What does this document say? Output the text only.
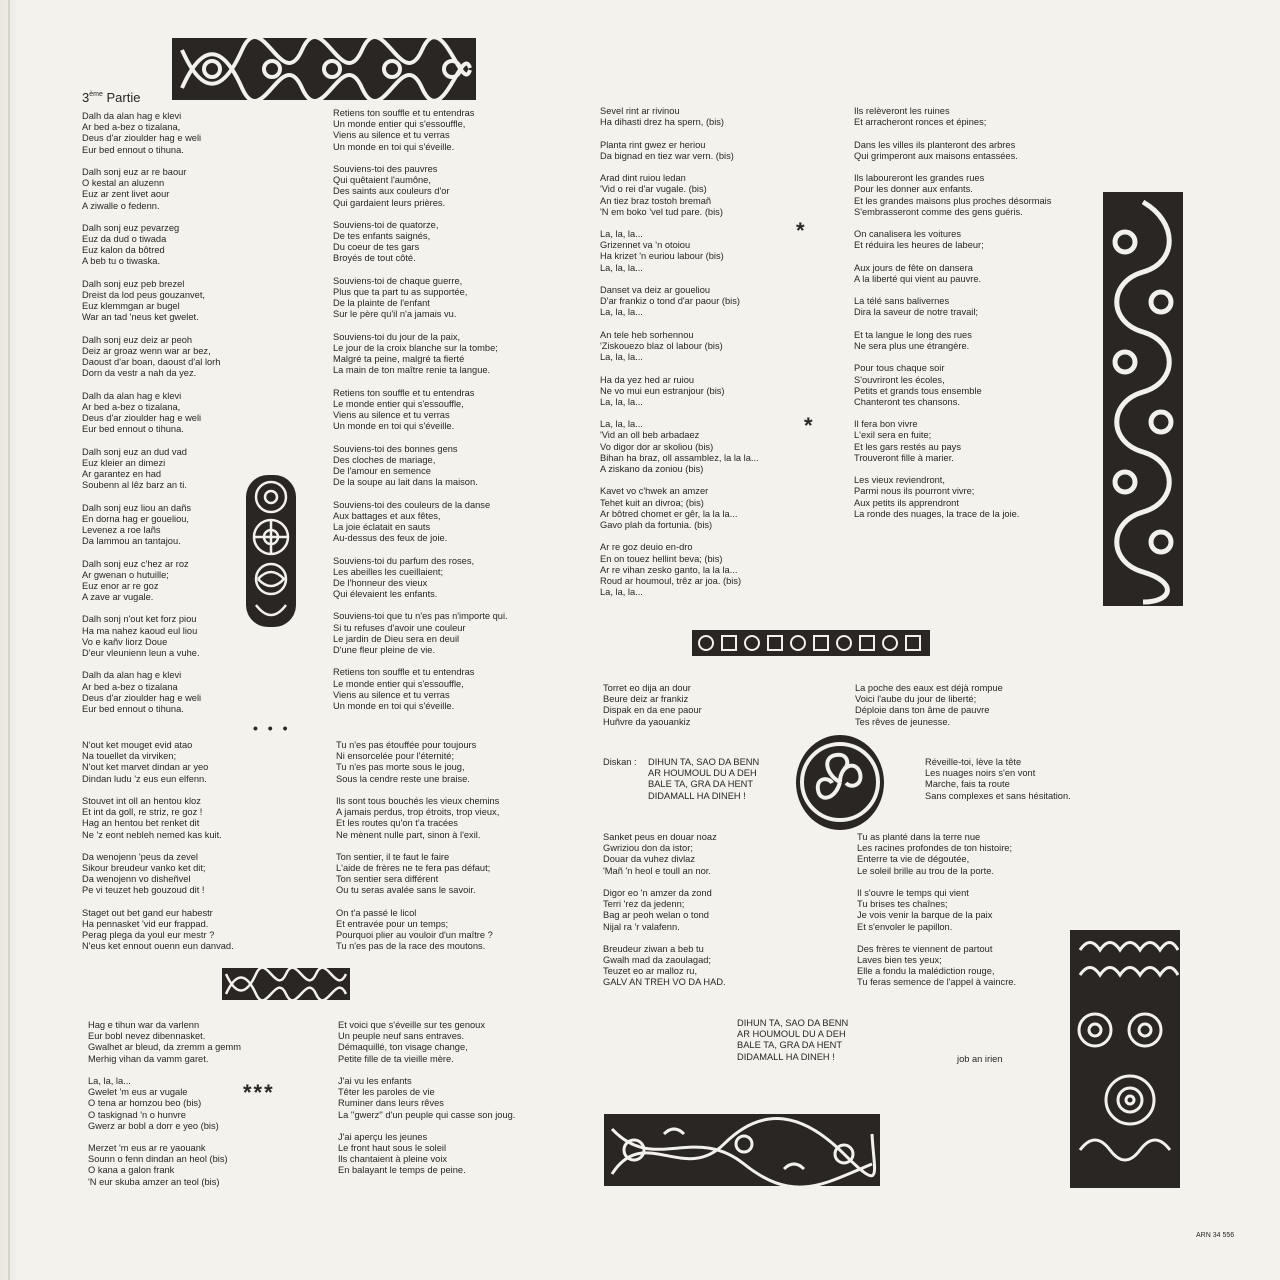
3ème Partie
Dalh da alan hag e klevi
Ar bed a-bez o tizalana,
Deus d'ar zioulder hag e weli
Eur bed ennout o tihuna.
Dalh sonj euz ar re baour
O kestal an aluzenn
Euz ar zent livet aour
A ziwalle o fedenn.
Dalh sonj euz pevarzeg
Euz da dud o tiwada
Euz kalon da bôtred
A beb tu o tiwaska.
Dalh sonj euz peb brezel
Dreist da lod peus gouzanvet,
Euz klemmgan ar bugel
War an tad 'neus ket gwelet.
Dalh sonj euz deiz ar peoh
Deiz ar groaz wenn war ar bez,
Daoust d'ar boan, daoust d'al lorh
Dorn da vestr a nah da yez.
Dalh da alan hag e klevi
Ar bed a-bez o tizalana,
Deus d'ar zioulder hag e weli
Eur bed ennout o tihuna.
Dalh sonj euz an dud vad
Euz kleier an dimezi
Ar garantez en had
Soubenn al lêz barz an ti.
Dalh sonj euz liou an dañs
En dorna hag er goueliou,
Levenez a roe lañs
Da lammou an tantajou.
Dalh sonj euz c'hez ar roz
Ar gwenan o hutuille;
Euz enor ar re goz
A zave ar vugale.
Dalh sonj n'out ket forz piou
Ha ma nahez kaoud eul liou
Vo e kañv liorz Doue
D'eur vleunienn leun a vuhe.
Dalh da alan hag e klevi
Ar bed a-bez o tizalana
Deus d'ar zioulder hag e weli
Eur bed ennout o tihuna.
• • •
N'out ket mouget evid atao
Na touellet da virviken;
N'out ket marvet dindan ar yeo
Dindan ludu 'z eus eun elfenn.
Stouvet int oll an hentou kloz
Et int da goll, re striz, re goz !
Hag an hentou bet renket dit
Ne 'z eont nebleh nemed kas kuit.
Da wenojenn 'peus da zevel
Sikour breudeur vanko ket dit;
Da wenojenn vo disheñvel
Pe vi teuzet heb gouzoud dit !
Staget out bet gand eur habestr
Ha pennasket 'vid eur frappad.
Perag plega da youl eur mestr ?
N'eus ket ennout ouenn eun danvad.
Hag e tihun war da varlenn
Eur bobl nevez dibennasket.
Gwalhet ar bleud, da zremm a gemm
Merhig vihan da vamm garet.
La, la, la...
Gwelet 'm eus ar vugale
O tena ar homzou beo (bis)
O taskignad 'n o hunvre
Gwerz ar bobl a dorr e yeo (bis)
Merzet 'm eus ar re yaouank
Sounn o fenn dindan an heol (bis)
O kana a galon frank
'N eur skuba amzer an teol (bis)
***
Retiens ton souffle et tu entendras
Un monde entier qui s'essouffle,
Viens au silence et tu verras
Un monde en toi qui s'éveille.
Souviens-toi des pauvres
Qui quêtaient l'aumône,
Des saints aux couleurs d'or
Qui gardaient leurs prières.
Souviens-toi de quatorze,
De tes enfants saignés,
Du coeur de tes gars
Broyés de tout côté.
Souviens-toi de chaque guerre,
Plus que ta part tu as supportée,
De la plainte de l'enfant
Sur le père qu'il n'a jamais vu.
Souviens-toi du jour de la paix,
Le jour de la croix blanche sur la tombe;
Malgré ta peine, malgré ta fierté
La main de ton maître renie ta langue.
Retiens ton souffle et tu entendras
Le monde entier qui s'essouffle,
Viens au silence et tu verras
Un monde en toi qui s'éveille.
Souviens-toi des bonnes gens
Des cloches de mariage,
De l'amour en semence
De la soupe au lait dans la maison.
Souviens-toi des couleurs de la danse
Aux battages et aux fêtes,
La joie éclatait en sauts
Au-dessus des feux de joie.
Souviens-toi du parfum des roses,
Les abeilles les cueillaient;
De l'honneur des vieux
Qui élevaient les enfants.
Souviens-toi que tu n'es pas n'importe qui.
Si tu refuses d'avoir une couleur
Le jardin de Dieu sera en deuil
D'une fleur pleine de vie.
Retiens ton souffle et tu entendras
Le monde entier qui s'essouffle,
Viens au silence et tu verras
Un monde en toi qui s'éveille.
Tu n'es pas étouffée pour toujours
Ni ensorcelée pour l'éternité;
Tu n'es pas morte sous le joug,
Sous la cendre reste une braise.
Ils sont tous bouchés les vieux chemins
A jamais perdus, trop étroits, trop vieux,
Et les routes qu'on t'a tracées
Ne mènent nulle part, sinon à l'exil.
Ton sentier, il te faut le faire
L'aide de frères ne te fera pas défaut;
Ton sentier sera différent
Ou tu seras avalée sans le savoir.
On t'a passé le licol
Et entravée pour un temps;
Pourquoi plier au vouloir d'un maître ?
Tu n'es pas de la race des moutons.
Et voici que s'éveille sur tes genoux
Un peuple neuf sans entraves.
Démaquillé, ton visage change,
Petite fille de ta vieille mère.
J'ai vu les enfants
Têter les paroles de vie
Ruminer dans leurs rêves
La ''gwerz'' d'un peuple qui casse son joug.
J'ai aperçu les jeunes
Le front haut sous le soleil
Ils chantaient à pleine voix
En balayant le temps de peine.
Sevel rint ar rivinou
Ha dihasti drez ha spern, (bis)
Planta rint gwez er heriou
Da bignad en tiez war vern. (bis)
Arad dint ruiou ledan
'Vid o rei d'ar vugale. (bis)
An tiez braz tostoh bremañ
'N em boko 'vel tud pare. (bis)
La, la, la...
Grizennet va 'n otoiou
Ha krizet 'n euriou labour (bis)
La, la, la...
Danset va deiz ar goueliou
D'ar frankiz o tond d'ar paour (bis)
La, la, la...
An tele heb sorhennou
'Ziskouezo blaz ol labour (bis)
La, la, la...
Ha da yez hed ar ruiou
Ne vo mui eun estranjour (bis)
La, la, la...
La, la, la...
'Vid an oll beb arbadaez
Vo digor dor ar skoliou (bis)
Bihan ha braz, oll assamblez, la la la...
A ziskano da zoniou (bis)
Kavet vo c'hwek an amzer
Tehet kuit an divroa; (bis)
Ar bôtred chomet er gêr, la la la...
Gavo plah da fortunia. (bis)
Ar re goz deuio en-dro
En on touez hellint beva; (bis)
Ar re vihan zesko ganto, la la la...
Roud ar houmoul, trêz ar joa. (bis)
La, la, la...
*
*
Ils relèveront les ruines
Et arracheront ronces et épines;
Dans les villes ils planteront des arbres
Qui grimperont aux maisons entassées.
Ils laboureront les grandes rues
Pour les donner aux enfants.
Et les grandes maisons plus proches désormais
S'embrasseront comme des gens guéris.
On canalisera les voitures
Et réduira les heures de labeur;
Aux jours de fête on dansera
A la liberté qui vient au pauvre.
La télé sans balivernes
Dira la saveur de notre travail;
Et ta langue le long des rues
Ne sera plus une étrangère.
Pour tous chaque soir
S'ouvriront les écoles,
Petits et grands tous ensemble
Chanteront tes chansons.
Il fera bon vivre
L'exil sera en fuite;
Et les gars restés au pays
Trouveront fille à marier.
Les vieux reviendront,
Parmi nous ils pourront vivre;
Aux petits ils apprendront
La ronde des nuages, la trace de la joie.
Torret eo dija an dour
Beure deiz ar frankiz
Dispak en da ene paour
Huñvre da yaouankiz
La poche des eaux est déjà rompue
Voici l'aube du jour de liberté;
Déploie dans ton âme de pauvre
Tes rêves de jeunesse.
Diskan : DIHUN TA, SAO DA BENN
AR HOUMOUL DU A DEH
BALE TA, GRA DA HENT
DIDAMALL HA DINEH !
Réveille-toi, lève la tête
Les nuages noirs s'en vont
Marche, fais ta route
Sans complexes et sans hésitation.
Sanket peus en douar noaz
Gwriziou don da istor;
Douar da vuhez divlaz
'Mañ 'n heol e toull an nor.
Digor eo 'n amzer da zond
Terri 'rez da jedenn;
Bag ar peoh welan o tond
Nijal ra 'r valafenn.
Breudeur ziwan a beb tu
Gwalh mad da zaoulagad;
Teuzet eo ar malloz ru,
GALV AN TREH VO DA HAD.
Tu as planté dans la terre nue
Les racines profondes de ton histoire;
Enterre ta vie de dégoutée,
Le soleil brille au trou de la porte.
Il s'ouvre le temps qui vient
Tu brises tes chaînes;
Je vois venir la barque de la paix
Et s'envoler le papillon.
Des frères te viennent de partout
Laves bien tes yeux;
Elle a fondu la malédiction rouge,
Tu feras semence de l'appel à vaincre.
DIHUN TA, SAO DA BENN
AR HOUMOUL DU A DEH
BALE TA, GRA DA HENT
DIDAMALL HA DINEH !	job an irien
ARN 34 556
